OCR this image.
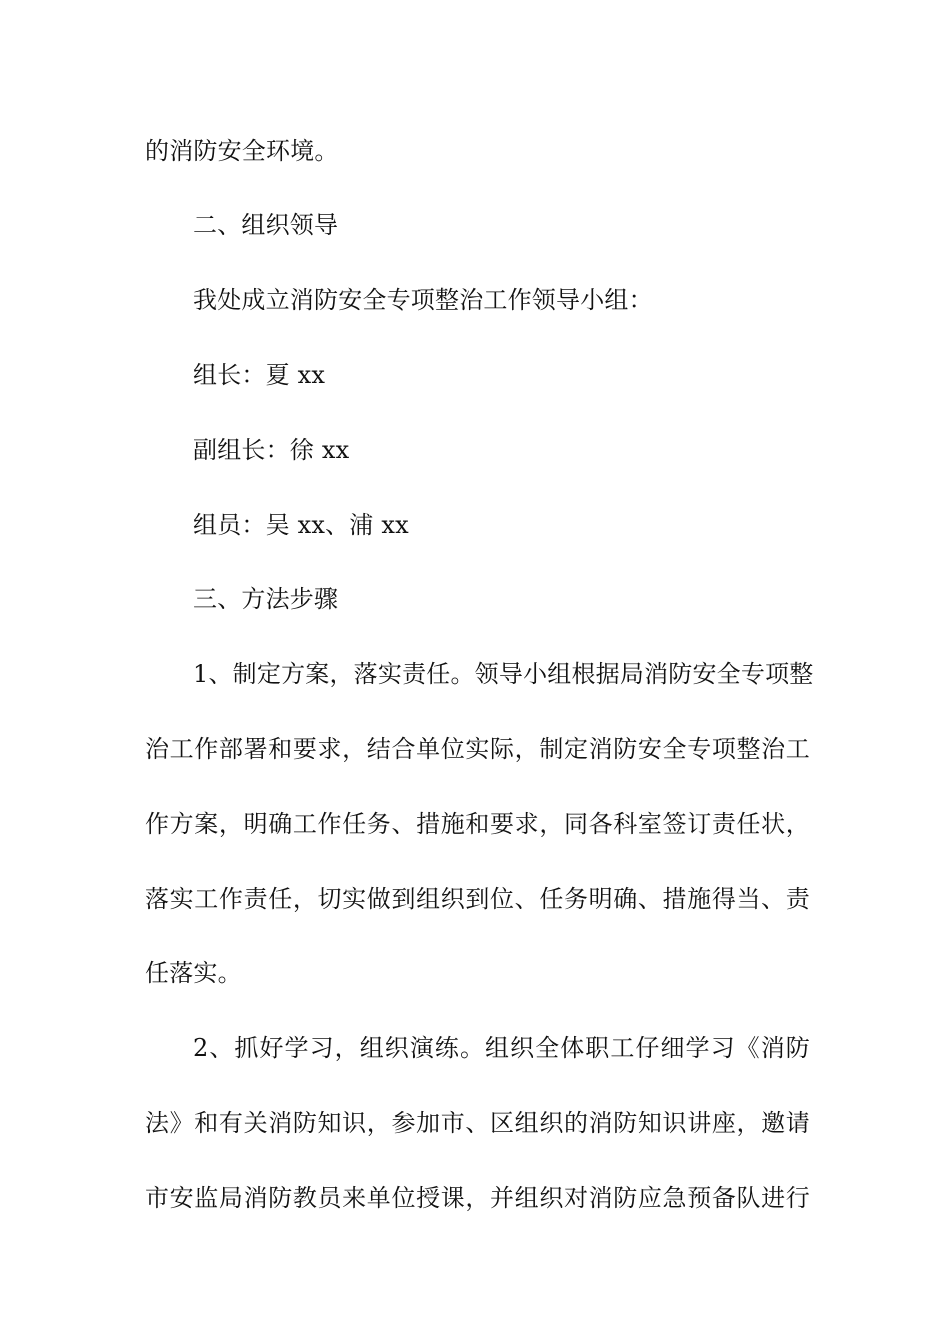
的消防安全环境。
二、组织领导
我处成立消防安全专项整治工作领导小组：
组长：夏 xx
副组长：徐 xx
组员：吴 xx、浦 xx
三、方法步骤
1、制定方案，落实责任。领导小组根据局消防安全专项整
治工作部署和要求，结合单位实际，制定消防安全专项整治工
作方案，明确工作任务、措施和要求，同各科室签订责任状，
落实工作责任，切实做到组织到位、任务明确、措施得当、责
任落实。
2、抓好学习，组织演练。组织全体职工仔细学习《消防
法》和有关消防知识，参加市、区组织的消防知识讲座，邀请
市安监局消防教员来单位授课，并组织对消防应急预备队进行
